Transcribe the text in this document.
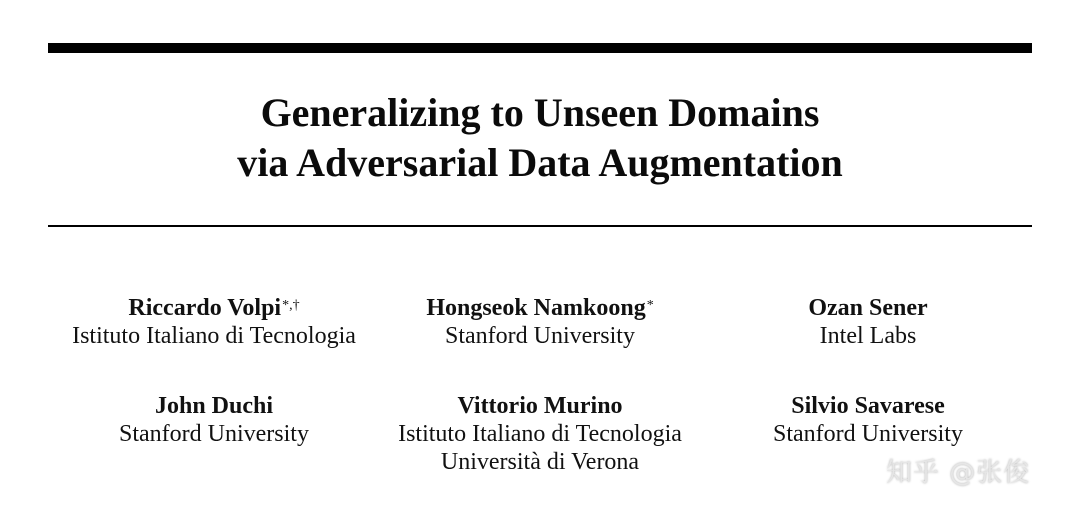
Generalizing to Unseen Domains
via Adversarial Data Augmentation
Riccardo Volpi*,†
Istituto Italiano di Tecnologia
Hongseok Namkoong*
Stanford University
Ozan Sener
Intel Labs
John Duchi
Stanford University
Vittorio Murino
Istituto Italiano di Tecnologia
Università di Verona
Silvio Savarese
Stanford University
知乎 @张俊
